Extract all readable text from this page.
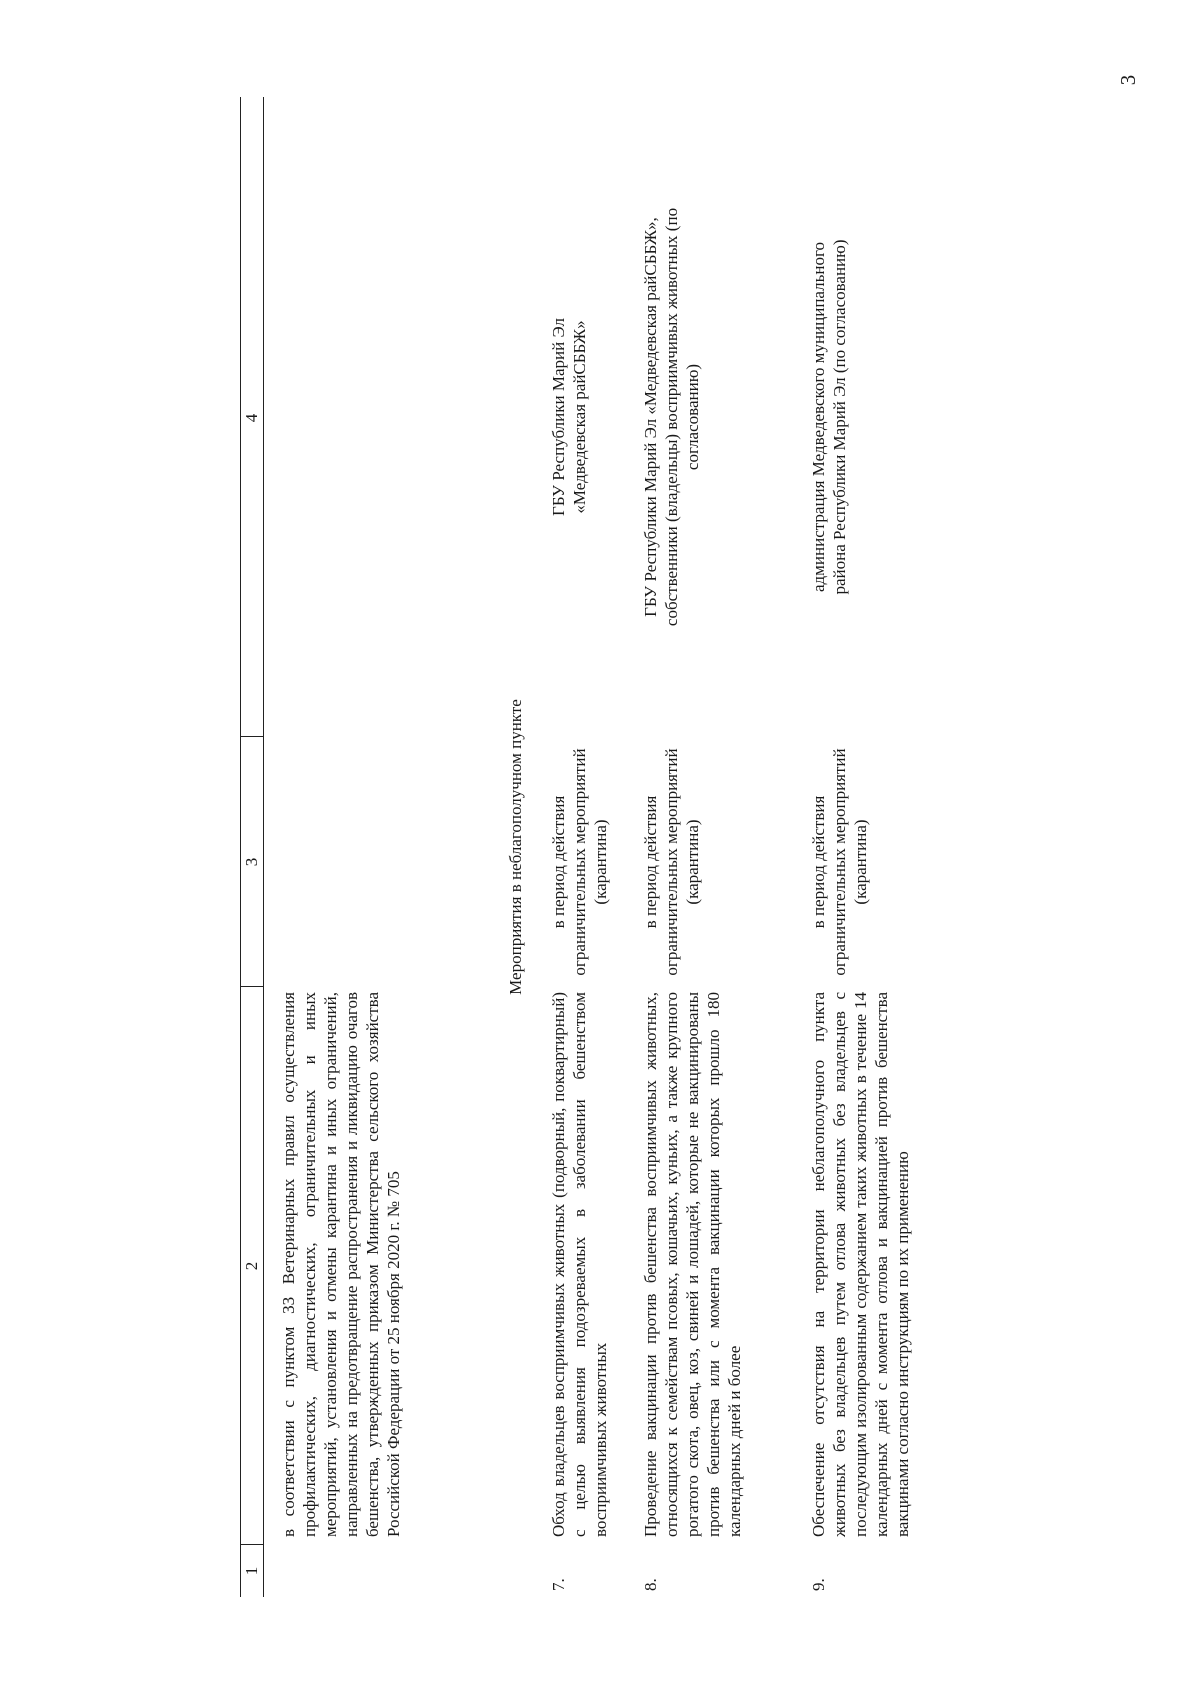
3
1
2
3
4
в соответствии с пунктом 33 Ветеринарных правил осуществления профилактических, диагностических, ограничительных и иных мероприятий, установления и отмены карантина и иных ограничений, направленных на предотвращение распространения и ликвидацию очагов бешенства, утвержденных приказом Министерства сельского хозяйства Российской Федерации от 25 ноября 2020 г. № 705
Мероприятия в неблагополучном пункте
7.
Обход владельцев восприимчивых животных (подворный, поквартирный) с целью выявления подозреваемых в заболевании бешенством восприимчивых животных
в период действия ограничительных мероприятий (карантина)
ГБУ Республики Марий Эл «Медведевская райСББЖ»
8.
Проведение вакцинации против бешенства восприимчивых животных, относящихся к семействам псовых, кошачьих, куньих, а также крупного рогатого скота, овец, коз, свиней и лошадей, которые не вакцинированы против бешенства или с момента вакцинации которых прошло 180 календарных дней и более
в период действия ограничительных мероприятий (карантина)
ГБУ Республики Марий Эл «Медведевская райСББЖ», собственники (владельцы) восприимчивых животных (по согласованию)
9.
Обеспечение отсутствия на территории неблагополучного пункта животных без владельцев путем отлова животных без владельцев с последующим изолированным содержанием таких животных в течение 14 календарных дней с момента отлова и вакцинацией против бешенства вакцинами согласно инструкциям по их применению
в период действия ограничительных мероприятий (карантина)
администрация Медведевского муниципального района Республики Марий Эл (по согласованию)
